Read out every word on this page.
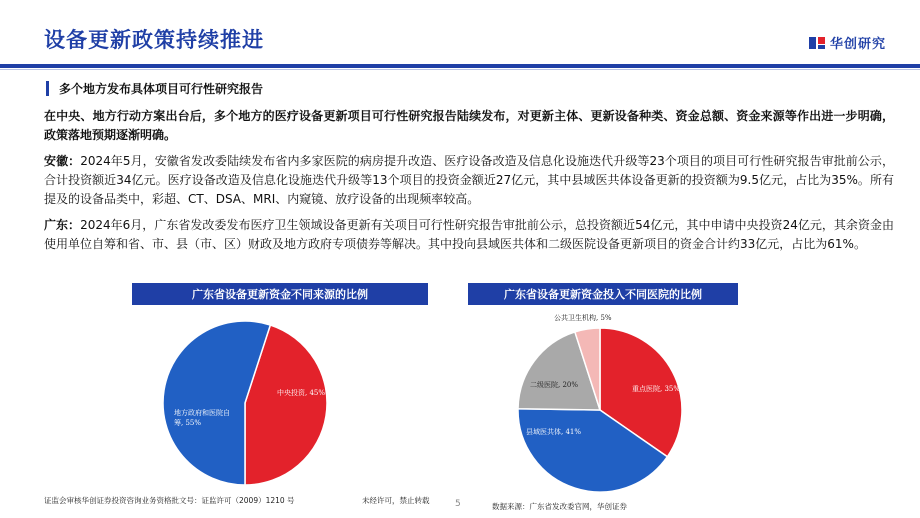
设备更新政策持续推进	华创研究
多个地方发布具体项目可行性研究报告
在中央、地方行动方案出台后，多个地方的医疗设备更新项目可行性研究报告陆续发布，对更新主体、更新设备种类、资金总额、资金来源等作出进一步明确，政策落地预期逐渐明确。
安徽：2024年5月，安徽省发改委陆续发布省内多家医院的病房提升改造、医疗设备改造及信息化设施迭代升级等23个项目的项目可行性研究报告审批前公示，合计投资额近34亿元。医疗设备改造及信息化设施迭代升级等13个项目的投资金额近27亿元，其中县域医共体设备更新的投资额为9.5亿元，占比为35%。所有提及的设备品类中，彩超、CT、DSA、MRI、内窥镜、放疗设备的出现频率较高。
广东：2024年6月，广东省发改委发布医疗卫生领域设备更新有关项目可行性研究报告审批前公示，总投资额近54亿元，其中申请中央投资24亿元，其余资金由使用单位自筹和省、市、县（市、区）财政及地方政府专项债券等解决。其中投向县域医共体和二级医院设备更新项目的资金合计约33亿元，占比为61%。
广东省设备更新资金不同来源的比例	广东省设备更新资金投入不同医院的比例
中央投资, 45%
地方政府和医院自筹, 55%
重点医院, 35%
县域医共体, 41%
二级医院, 20%
公共卫生机构, 5%
证监会审核华创证券投资咨询业务资格批文号：证监许可（2009）1210 号	未经许可，禁止转载	5	数据来源：广东省发改委官网，华创证券
